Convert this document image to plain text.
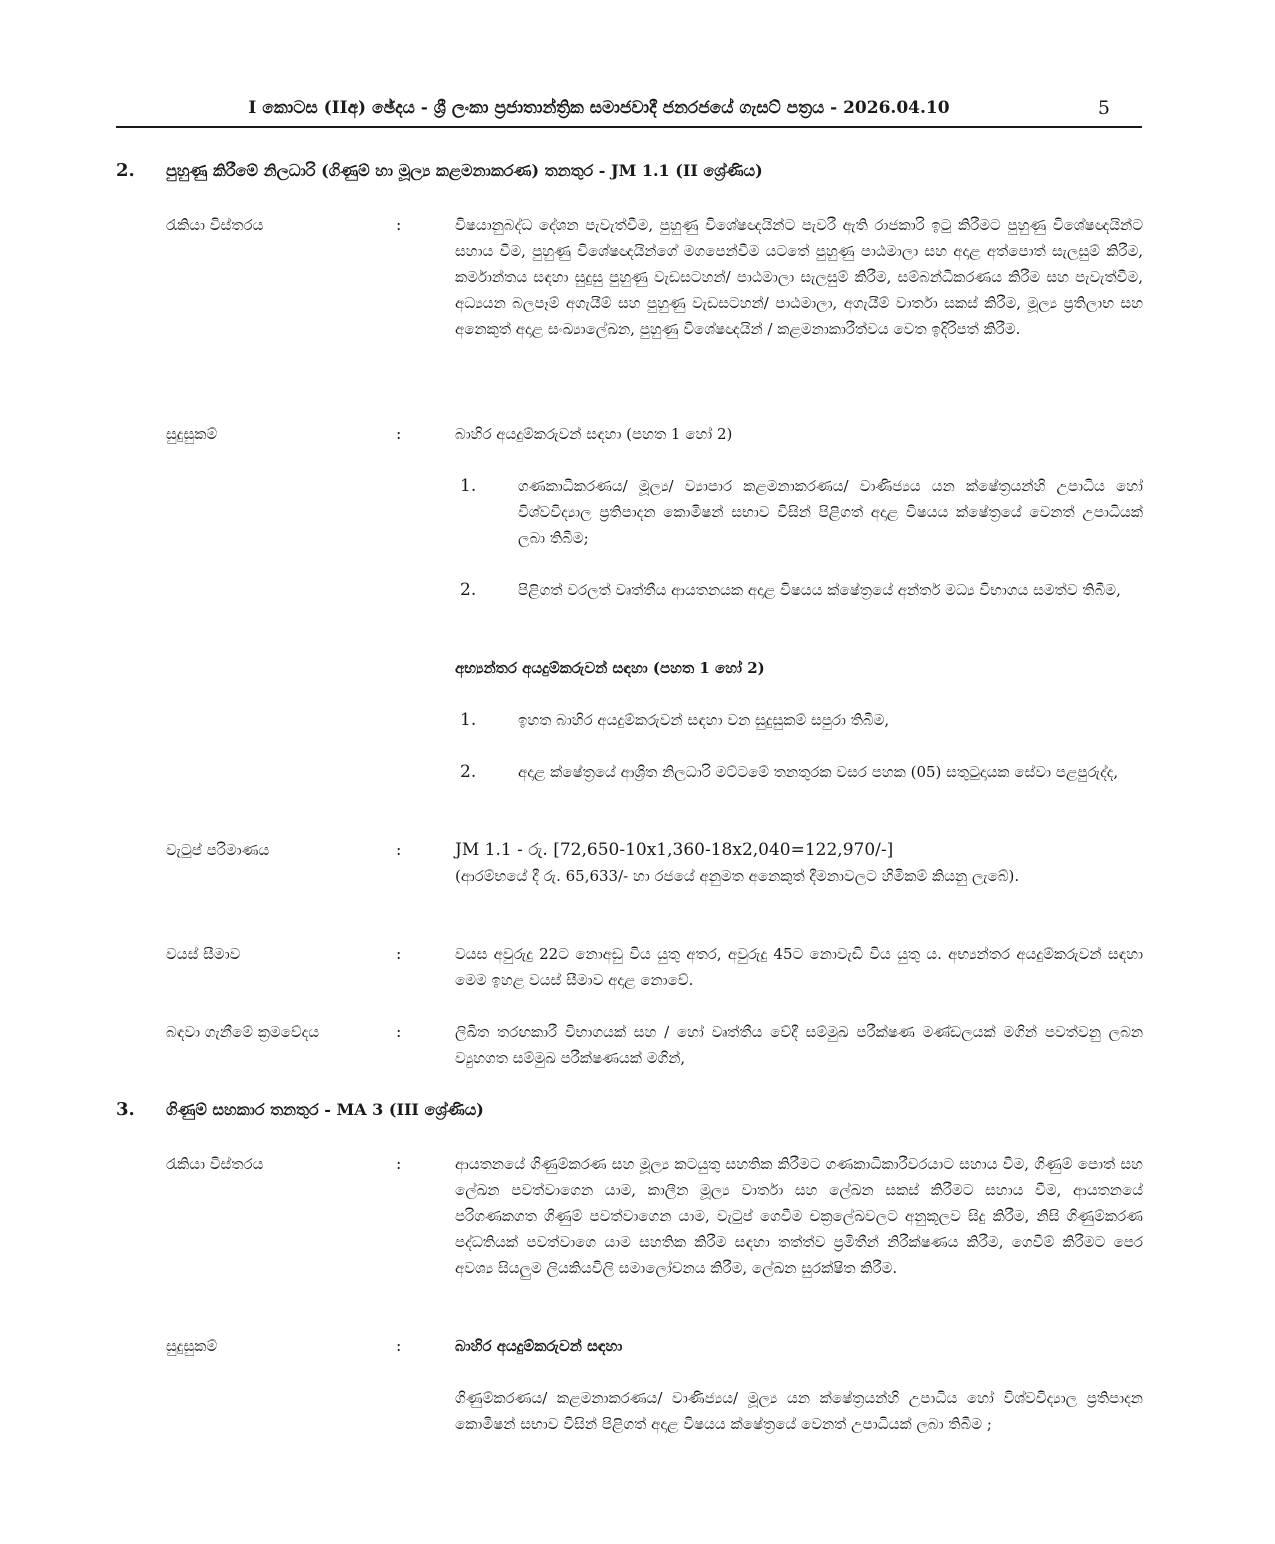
I කොටස (IIඅ) ඡේදය - ශ්‍රී ලංකා ප්‍රජාතාන්ත්‍රික සමාජවාදී ජනරජයේ ගැසට් පත්‍රය - 2026.04.10	5
2. පුහුණු කිරීමේ නිලධාරි (ගිණුම් හා මූල්‍ය කළමනාකරණ) තනතුර - JM 1.1 (II ශ්‍රේණිය)
රැකියා විස්තරය	:	විෂයානුබද්ධ දේශන පැවැත්වීම, පුහුණු විශේෂඥයින්ට පැවරී ඇති රාජකාරි ඉටු කිරීමට පුහුණු විශේෂඥයින්ට සහාය වීම, පුහුණු විශේෂඥයින්ගේ මගපෙන්වීම යටතේ පුහුණු පාඨමාලා සහ අදාළ අත්පොත් සැලසුම් කිරීම, කර්මාන්තය සඳහා සුදුසු පුහුණු වැඩසටහන්/ පාඨමාලා සැලසුම් කිරීම, සම්බන්ධීකරණය කිරීම සහ පැවැත්වීම, අධ්‍යයන බලපෑම් අගැයීම් සහ පුහුණු වැඩසටහන්/ පාඨමාලා, අගැයීම් වාර්තා සකස් කිරීම, මූල්‍ය ප්‍රතිලාභ සහ අනෙකුත් අදාළ සංඛ්‍යාලේඛන, පුහුණු විශේෂඥයින් / කළමනාකාරීත්වය වෙත ඉදිරිපත් කිරීම.
සුදුසුකම්	:	බාහිර අයදුම්කරුවන් සඳහා (පහත 1 හෝ 2)
1.	ගණකාධිකරණය/ මූල්‍ය/ ව්‍යාපාර කළමනාකරණය/ වාණිජ්‍යය යන ක්ෂේත්‍රයන්හි උපාධිය හෝ විශ්වවිද්‍යාල ප්‍රතිපාදන කොමිෂන් සභාව විසින් පිළිගත් අදාළ විෂයය ක්ෂේත්‍රයේ වෙනත් උපාධියක් ලබා තිබීම;
2.	පිළිගත් වරලත් වෘත්තීය ආයතනයක අදාළ විෂයය ක්ෂේත්‍රයේ අන්තර් මධ්‍ය විභාගය සමත්ව තිබීම,
අභ්‍යන්තර අයදුම්කරුවන් සඳහා (පහත 1 හෝ 2)
1.	ඉහත බාහිර අයදුම්කරුවන් සඳහා වන සුදුසුකම් සපුරා තිබීම,
2.	අදාළ ක්ෂේත්‍රයේ ආශ්‍රිත නිලධාරි මට්ටමේ තනතුරක වසර පහක (05) සතුටුදායක සේවා පළපුරුද්ද,
වැටුප් පරිමාණය	:	JM 1.1 - රු. [72,650-10x1,360-18x2,040=122,970/-]
(ආරම්භයේ දී රු. 65,633/- හා රජයේ අනුමත අනෙකුත් දීමනාවලට හිමිකම් කියනු ලැබේ).
වයස් සීමාව	:	වයස අවුරුදු 22ට නොඅඩු විය යුතු අතර, අවුරුදු 45ට නොවැඩි විය යුතු ය. අභ්‍යන්තර අයදුම්කරුවන් සඳහා මෙම ඉහළ වයස් සීමාව අදාළ නොවේ.
බඳවා ගැනීමේ ක්‍රමවේදය	:	ලිඛිත තරඟකාරී විභාගයක් සහ / හෝ වෘත්තීය වේදී සම්මුඛ පරීක්ෂණ මණ්ඩලයක් මගින් පවත්වනු ලබන ව්‍යුහගත සම්මුඛ පරීක්ෂණයක් මගින්,
3. ගිණුම් සහකාර තනතුර - MA 3 (III ශ්‍රේණිය)
රැකියා විස්තරය	:	ආයතනයේ ගිණුම්කරණ සහ මූල්‍ය කටයුතු සහතික කිරීමට ගණකාධිකාරීවරයාට සහාය වීම, ගිණුම් පොත් සහ ලේඛන පවත්වාගෙන යාම, කාලීන මූල්‍ය වාර්තා සහ ලේඛන සකස් කිරීමට සහාය වීම, ආයතනයේ පරිගණකගත ගිණුම් පවත්වාගෙන යාම, වැටුප් ගෙවීම චක්‍රලේඛවලට අනුකූලව සිදු කිරීම, නිසි ගිණුම්කරණ පද්ධතියක් පවත්වාගෙ යාම සහතික කිරීම සඳහා තත්ත්ව ප්‍රමිතීන් නිරීක්ෂණය කිරීම, ගෙවීම් කිරීමට පෙර අවශ්‍ය සියලුම ලියකියවිලි සමාලෝචනය කිරීම, ලේඛන සුරක්ෂිත කිරීම.
සුදුසුකම්	:	බාහිර අයදුම්කරුවන් සඳහා
ගිණුම්කරණය/ කළමනාකරණය/ වාණිජ්‍යය/ මූල්‍ය යන ක්ෂේත්‍රයන්හි උපාධිය හෝ විශ්වවිද්‍යාල ප්‍රතිපාදන කොමිෂන් සභාව විසින් පිළිගත් අදාළ විෂයය ක්ෂේත්‍රයේ වෙනත් උපාධියක් ලබා තිබීම ;
